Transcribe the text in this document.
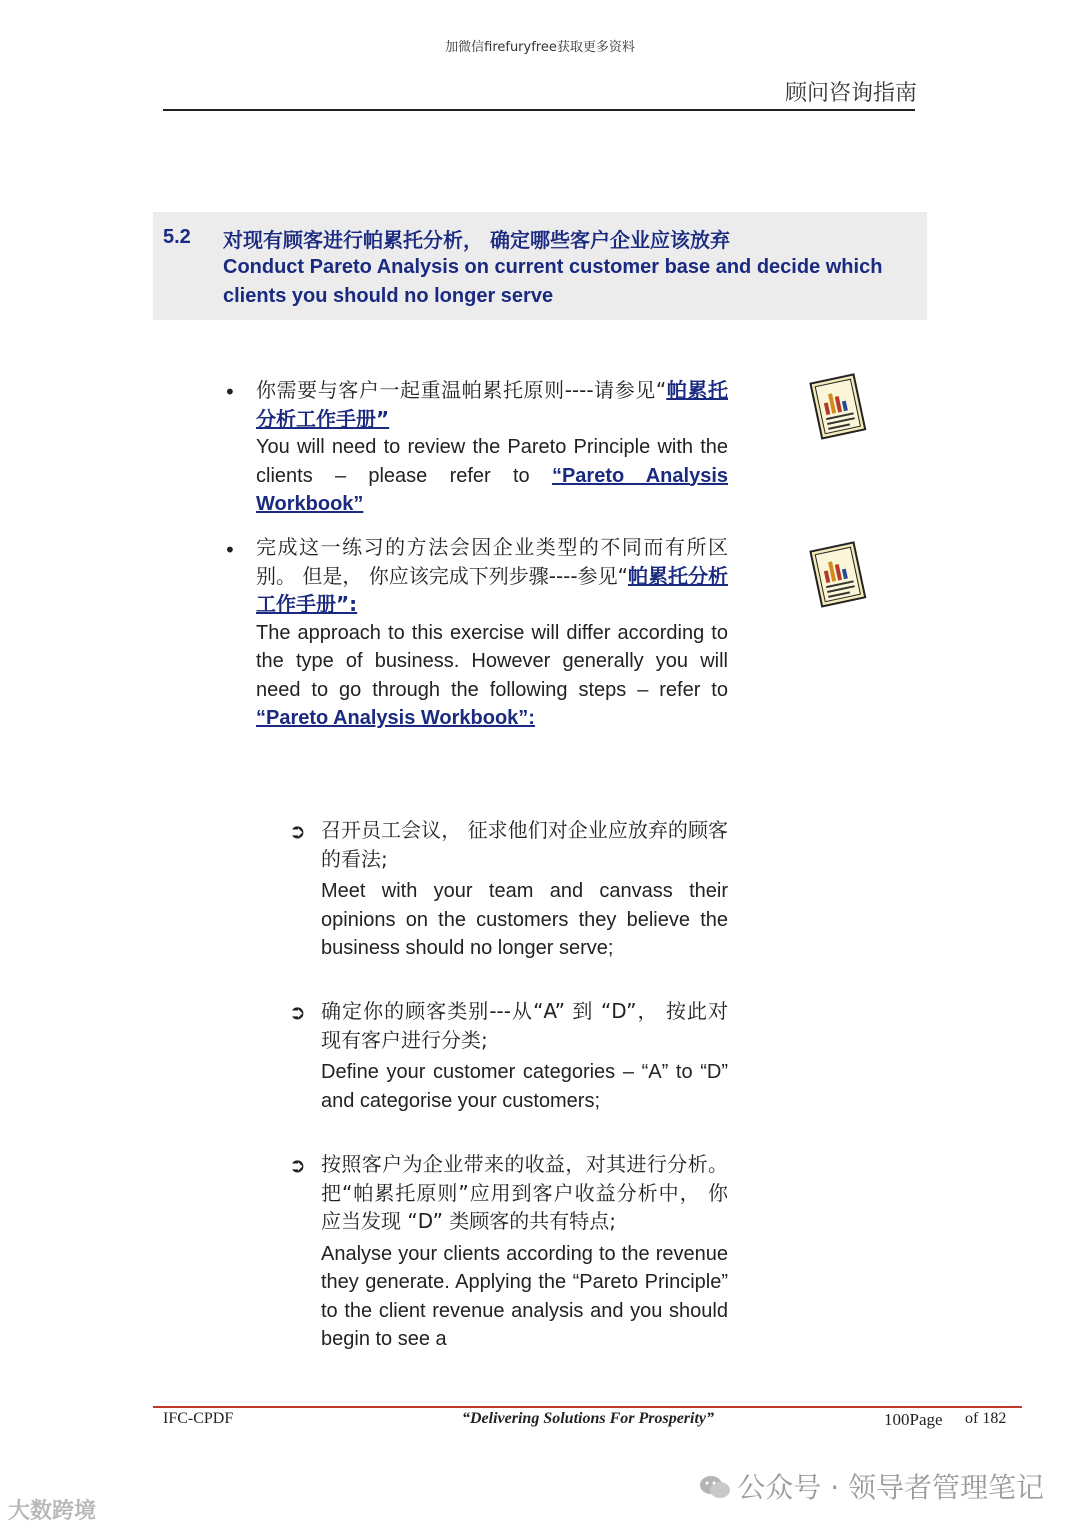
加微信firefuryfree获取更多资料
顾问咨询指南
5.2 对现有顾客进行帕累托分析， 确定哪些客户企业应该放弃
Conduct Pareto Analysis on current customer base and decide which clients you should no longer serve
• 你需要与客户一起重温帕累托原则----请参见“帕累托分析工作手册”

You will need to review the Pareto Principle with the clients – please refer to “Pareto Analysis Workbook”

• 完成这一练习的方法会因企业类型的不同而有所区别。 但是， 你应该完成下列步骤----参见“帕累托分析工作手册”:

The approach to this exercise will differ according to the type of business. However generally you will need to go through the following steps – refer to “Pareto Analysis Workbook”:

➲ 召开员工会议， 征求他们对企业应放弃的顾客的看法;

Meet with your team and canvass their opinions on the customers they believe the business should no longer serve;

➲ 确定你的顾客类别---从“A” 到 “D”， 按此对现有客户进行分类;

Define your customer categories – “A” to “D” and categorise your customers;

➲ 按照客户为企业带来的收益，对其进行分析。 把“帕累托原则”应用到客户收益分析中， 你应当发现 “D” 类顾客的共有特点;

Analyse your clients according to the revenue they generate. Applying the “Pareto Principle” to the client revenue analysis and you should begin to see a

IFC-CPDF	“Delivering Solutions For Prosperity”	100Page of 182
公众号 · 领导者管理笔记
大数跨境
